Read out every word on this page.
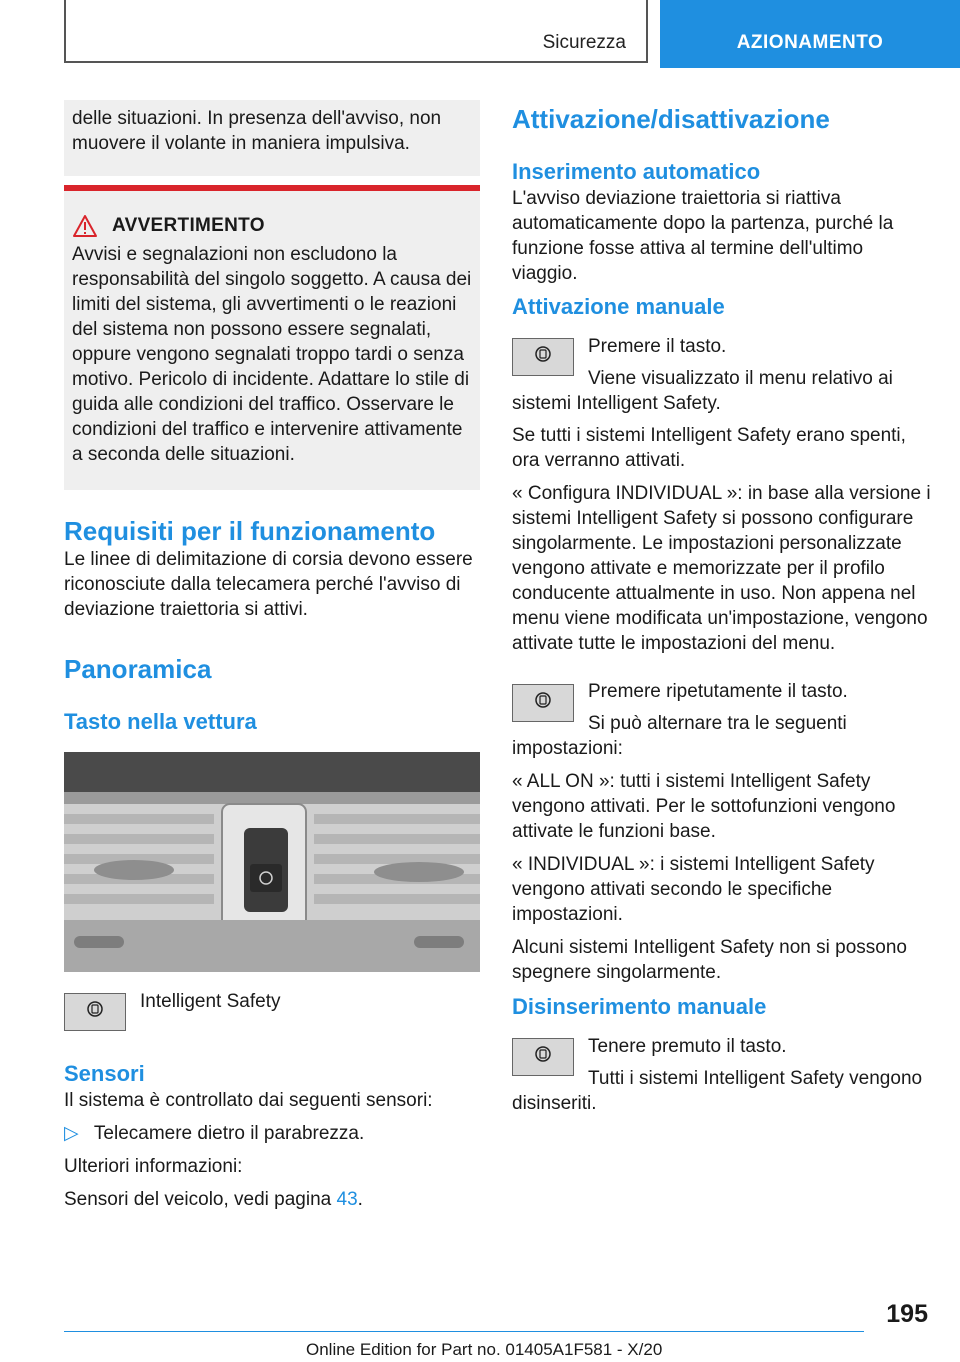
Sicurezza	AZIONAMENTO
delle situazioni. In presenza dell'avviso, non muovere il volante in maniera impulsiva.
AVVERTIMENTO
Avvisi e segnalazioni non escludono la responsabilità del singolo soggetto. A causa dei limiti del sistema, gli avvertimenti o le reazioni del sistema non possono essere segnalati, oppure vengono segnalati troppo tardi o senza motivo. Pericolo di incidente. Adattare lo stile di guida alle condizioni del traffico. Osservare le condizioni del traffico e intervenire attivamente a seconda delle situazioni.
Requisiti per il funzionamento
Le linee di delimitazione di corsia devono essere riconosciute dalla telecamera perché l'avviso di deviazione traiettoria si attivi.
Panoramica
Tasto nella vettura
Intelligent Safety
Sensori
Il sistema è controllato dai seguenti sensori:
▷ Telecamere dietro il parabrezza.
Ulteriori informazioni:
Sensori del veicolo, vedi pagina 43.
Attivazione/disattivazione
Inserimento automatico
L'avviso deviazione traiettoria si riattiva automaticamente dopo la partenza, purché la funzione fosse attiva al termine dell'ultimo viaggio.
Attivazione manuale
Premere il tasto.
Viene visualizzato il menu relativo ai sistemi Intelligent Safety.

Se tutti i sistemi Intelligent Safety erano spenti, ora verranno attivati.

« Configura INDIVIDUAL »: in base alla versione i sistemi Intelligent Safety si possono configurare singolarmente. Le impostazioni personalizzate vengono attivate e memorizzate per il profilo conducente attualmente in uso. Non appena nel menu viene modificata un'impostazione, vengono attivate tutte le impostazioni del menu.

Premere ripetutamente il tasto.
Si può alternare tra le seguenti impostazioni:

« ALL ON »: tutti i sistemi Intelligent Safety vengono attivati. Per le sottofunzioni vengono attivate le funzioni base.

« INDIVIDUAL »: i sistemi Intelligent Safety vengono attivati secondo le specifiche impostazioni.

Alcuni sistemi Intelligent Safety non si possono spegnere singolarmente.

Disinserimento manuale
Tenere premuto il tasto.
Tutti i sistemi Intelligent Safety vengono disinseriti.
195
Online Edition for Part no. 01405A1F581 - X/20
